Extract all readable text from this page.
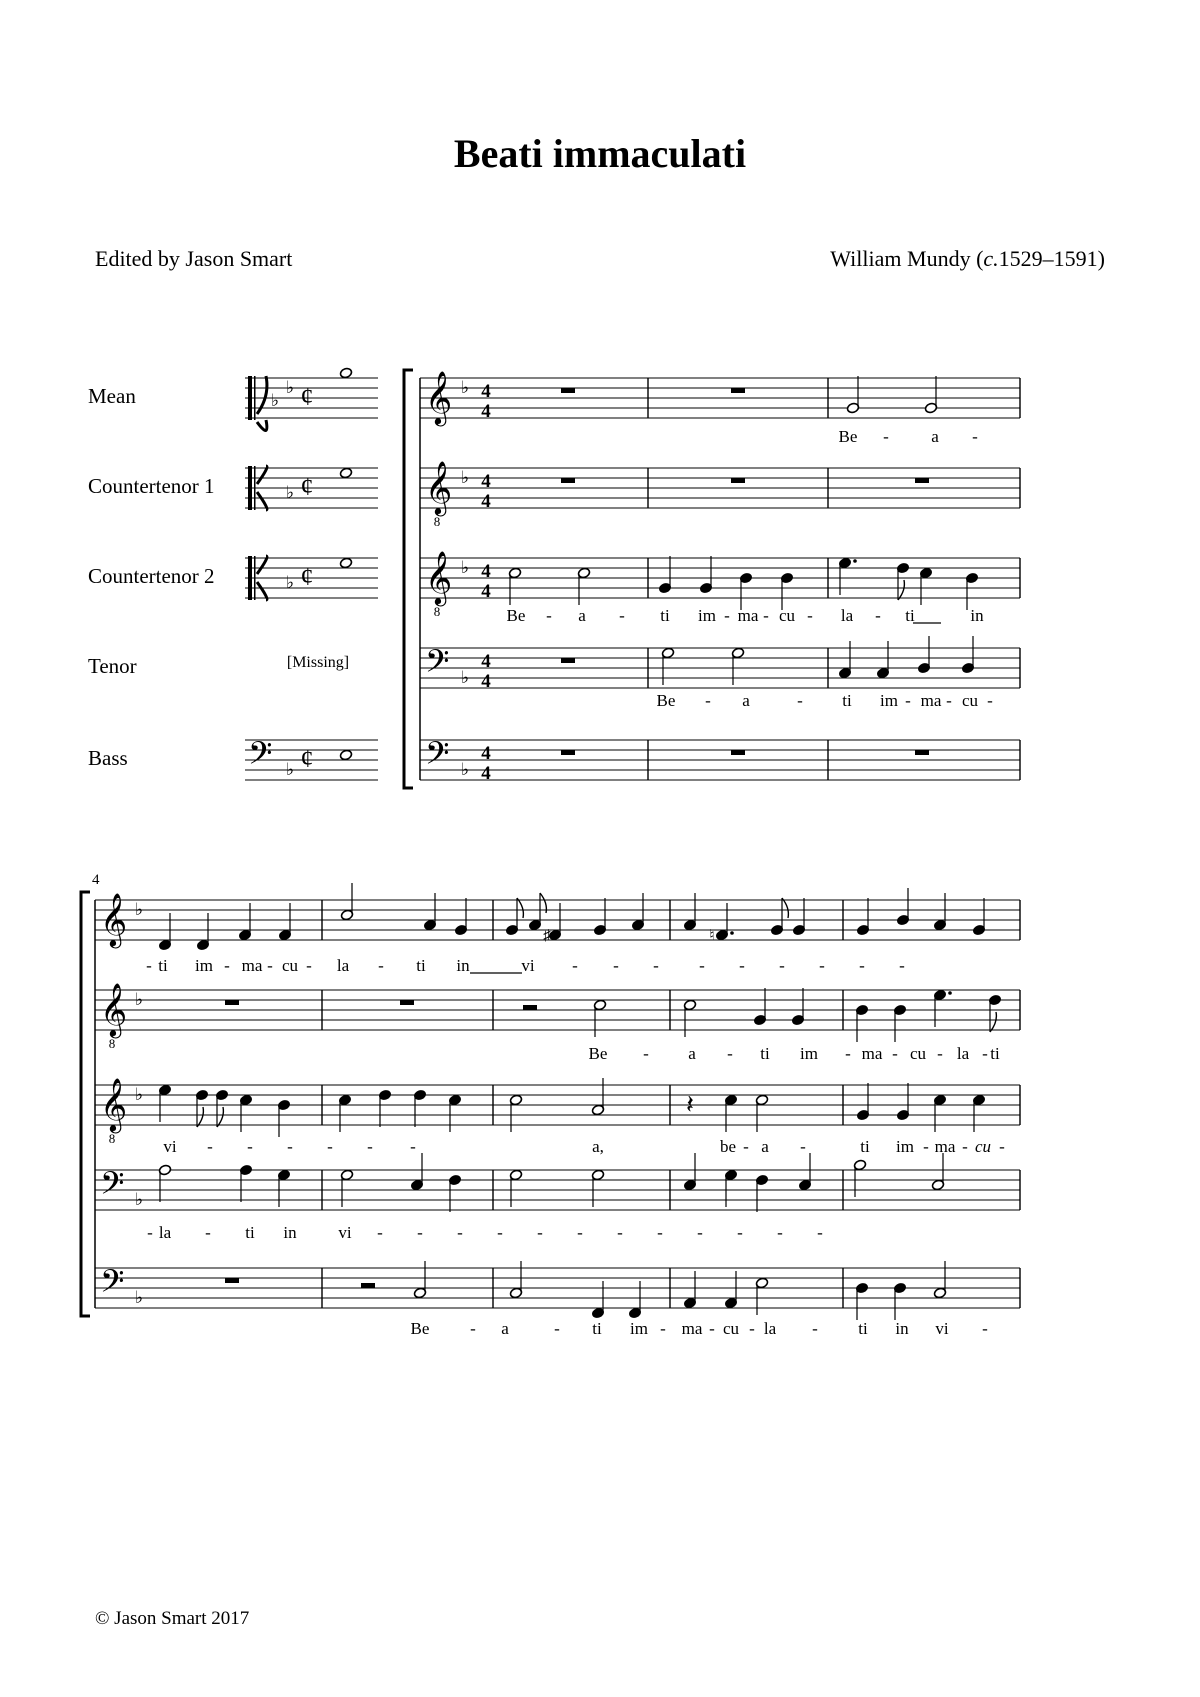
Beati immaculati
Edited by Jason Smart	William Mundy (c.1529–1591)
© Jason Smart 2017
♭
♭ ¢ 𝄞 ♭ 4
4
♭ ¢ 𝄞
8
♭ 4
4
♭ ¢ 𝄞
8
♭ 4
4
𝄢 ♭
4
4
𝄢 ♭ ¢	𝄢 ♭
4
4
𝄞 ♭
𝄞
8
♭
𝄞
8
♭
𝄢 ♭
𝄢 ♭
♯	♮
𝄽
Mean
Countertenor 1
Countertenor 2
Tenor	[Missing]
Bass
Be - a -
Be - a - ti im - ma - cu - la - ti	in
Be - a	- ti im - ma - cu -
4
- ti im - ma - cu - la - ti in	vi - - - - - - - - -
Be - a - ti im - ma - cu - la - ti
vi - - - - - -	a,	be - a -	ti im - ma - cu -
- la - ti in vi - - - - - - - - - - - -
Be - a	- ti im - ma - cu - la - ti in vi -
